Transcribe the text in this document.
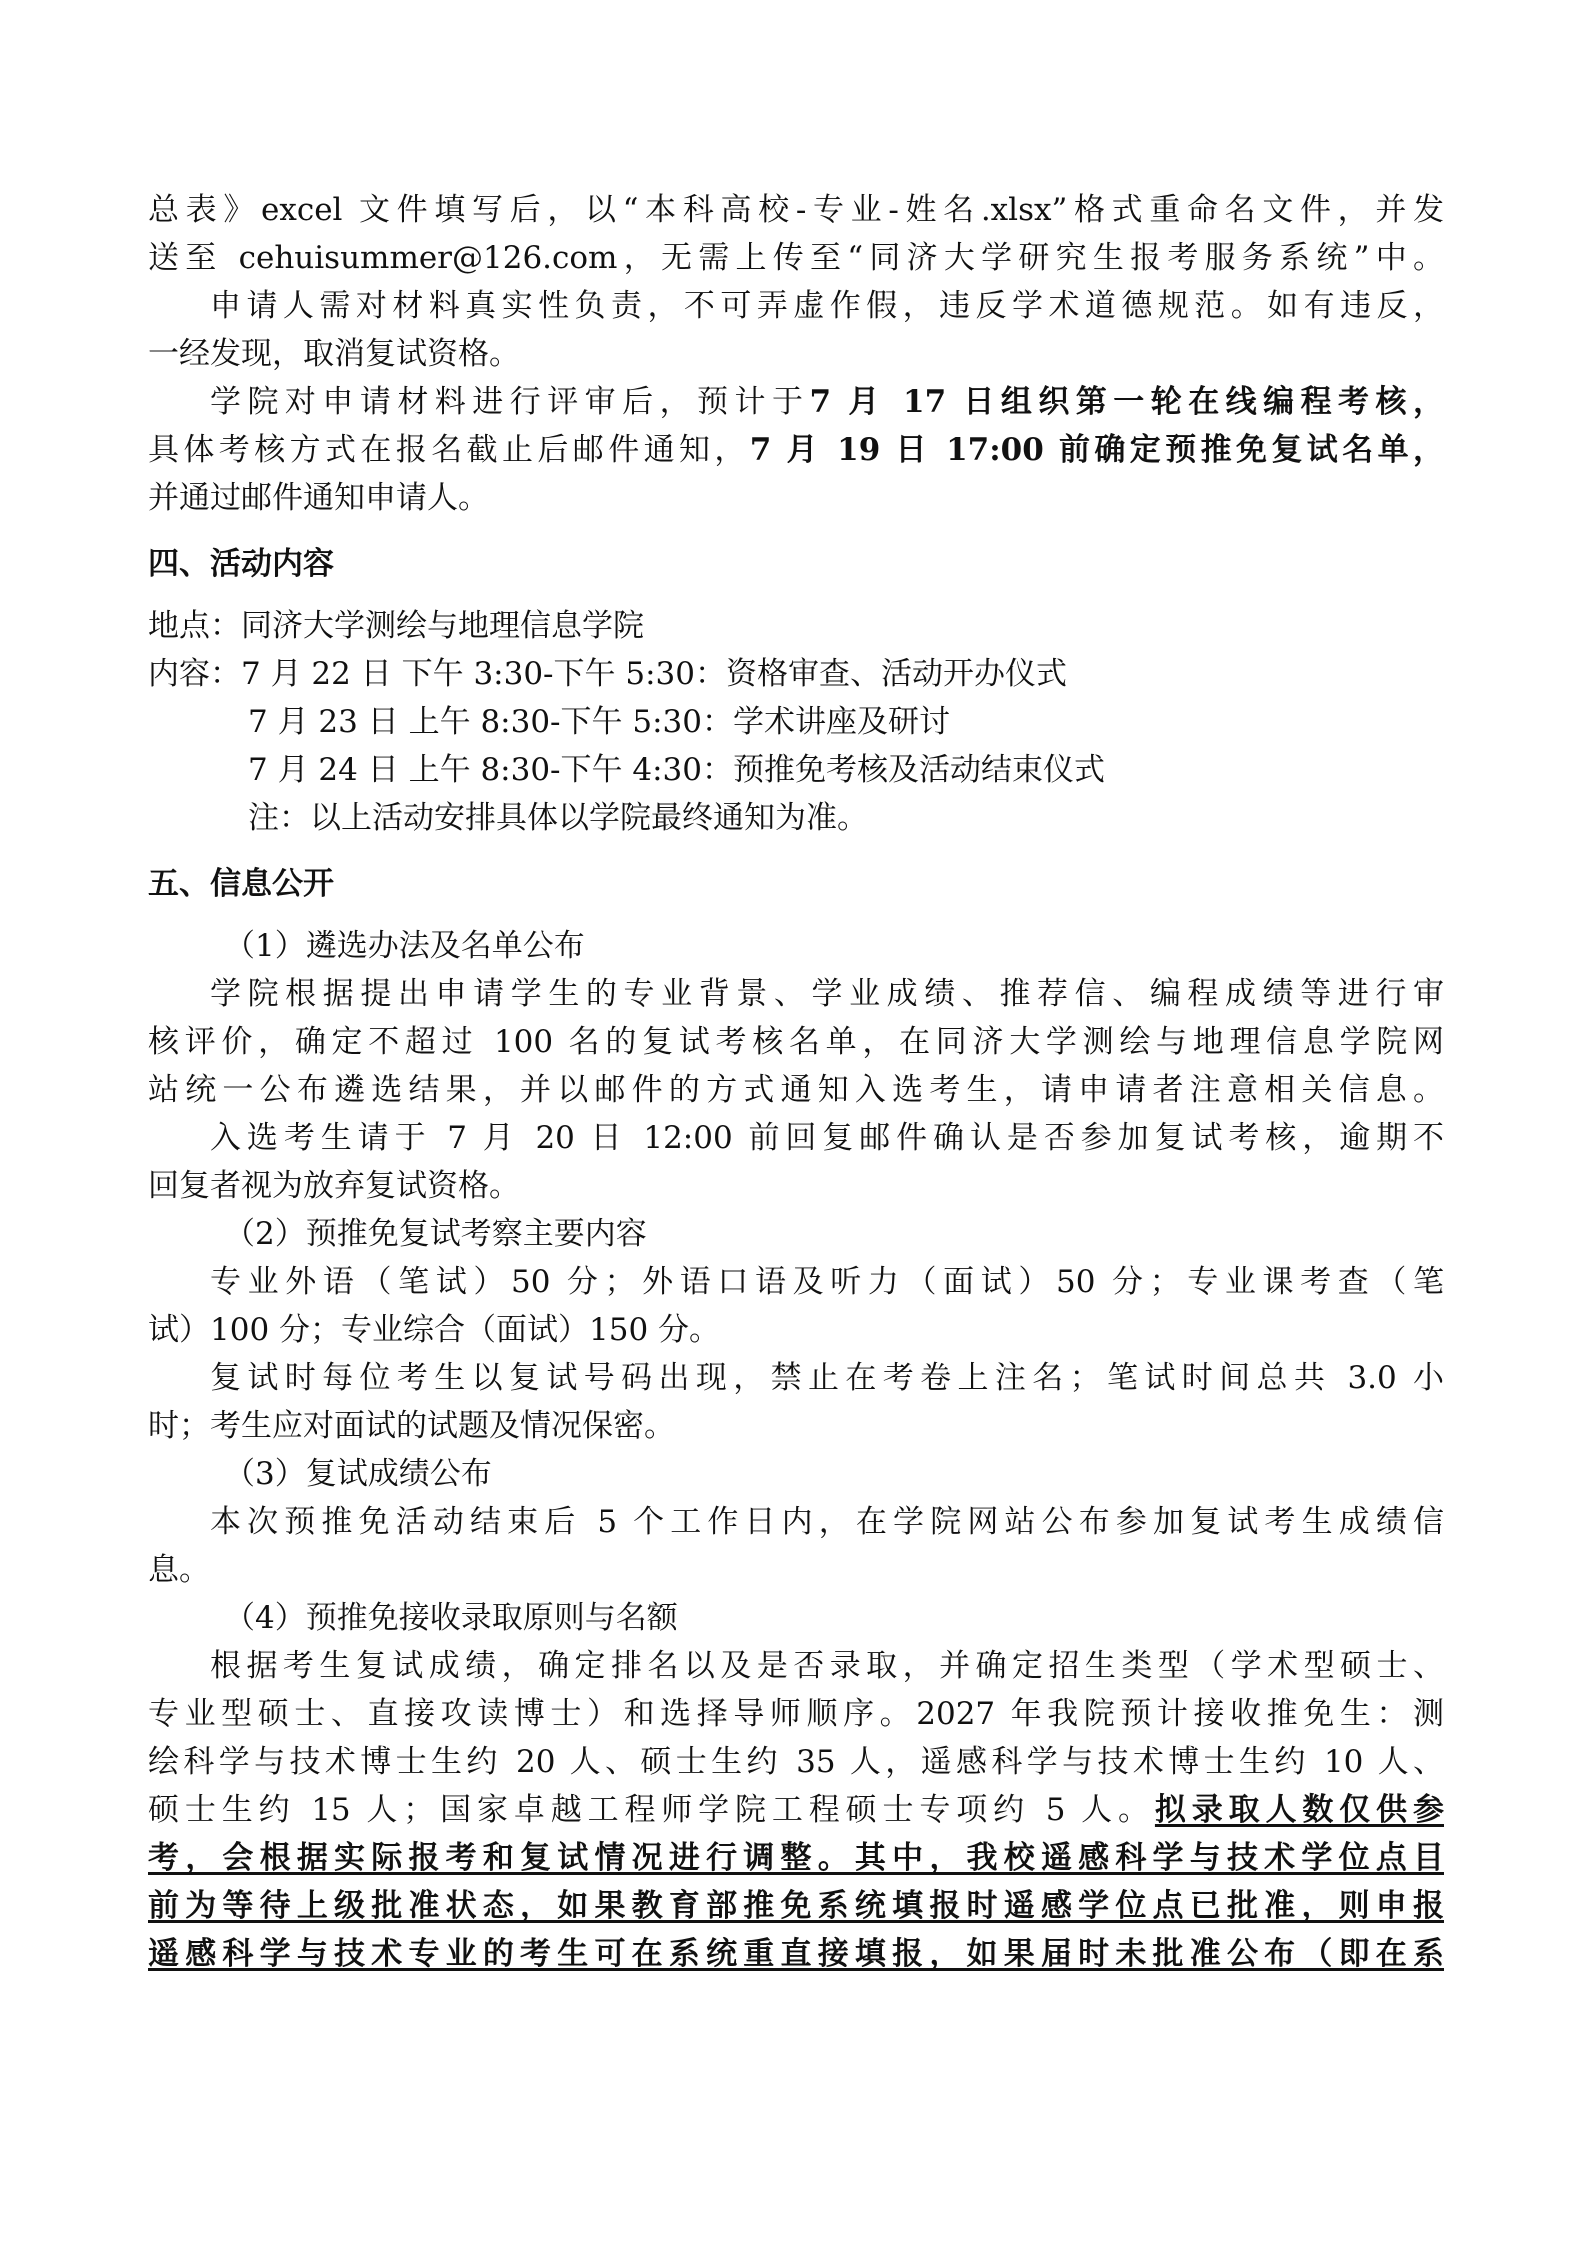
总表》excel 文件填写后，以“本科高校-专业-姓名.xlsx”格式重命名文件，并发
送至 cehuisummer@126.com，无需上传至“同济大学研究生报考服务系统”中。
申请人需对材料真实性负责，不可弄虚作假，违反学术道德规范。如有违反，
一经发现，取消复试资格。
学院对申请材料进行评审后，预计于7 月 17 日组织第一轮在线编程考核，
具体考核方式在报名截止后邮件通知，7 月 19 日 17:00 前确定预推免复试名单，
并通过邮件通知申请人。
四、活动内容
地点：同济大学测绘与地理信息学院
内容：7 月 22 日 下午 3:30-下午 5:30：资格审查、活动开办仪式
7 月 23 日 上午 8:30-下午 5:30：学术讲座及研讨
7 月 24 日 上午 8:30-下午 4:30：预推免考核及活动结束仪式
注：以上活动安排具体以学院最终通知为准。
五、信息公开
（1）遴选办法及名单公布
学院根据提出申请学生的专业背景、学业成绩、推荐信、编程成绩等进行审
核评价，确定不超过 100 名的复试考核名单，在同济大学测绘与地理信息学院网
站统一公布遴选结果，并以邮件的方式通知入选考生，请申请者注意相关信息。
入选考生请于 7 月 20 日 12:00 前回复邮件确认是否参加复试考核，逾期不
回复者视为放弃复试资格。
（2）预推免复试考察主要内容
专业外语（笔试）50 分；外语口语及听力（面试）50 分；专业课考查（笔
试）100 分；专业综合（面试）150 分。
复试时每位考生以复试号码出现，禁止在考卷上注名；笔试时间总共 3.0 小
时；考生应对面试的试题及情况保密。
（3）复试成绩公布
本次预推免活动结束后 5 个工作日内，在学院网站公布参加复试考生成绩信
息。
（4）预推免接收录取原则与名额
根据考生复试成绩，确定排名以及是否录取，并确定招生类型（学术型硕士、
专业型硕士、直接攻读博士）和选择导师顺序。2027 年我院预计接收推免生：测
绘科学与技术博士生约 20 人、硕士生约 35 人，遥感科学与技术博士生约 10 人、
硕士生约 15 人；国家卓越工程师学院工程硕士专项约 5 人。拟录取人数仅供参
考，会根据实际报考和复试情况进行调整。其中，我校遥感科学与技术学位点目
前为等待上级批准状态，如果教育部推免系统填报时遥感学位点已批准，则申报
遥感科学与技术专业的考生可在系统重直接填报，如果届时未批准公布（即在系
